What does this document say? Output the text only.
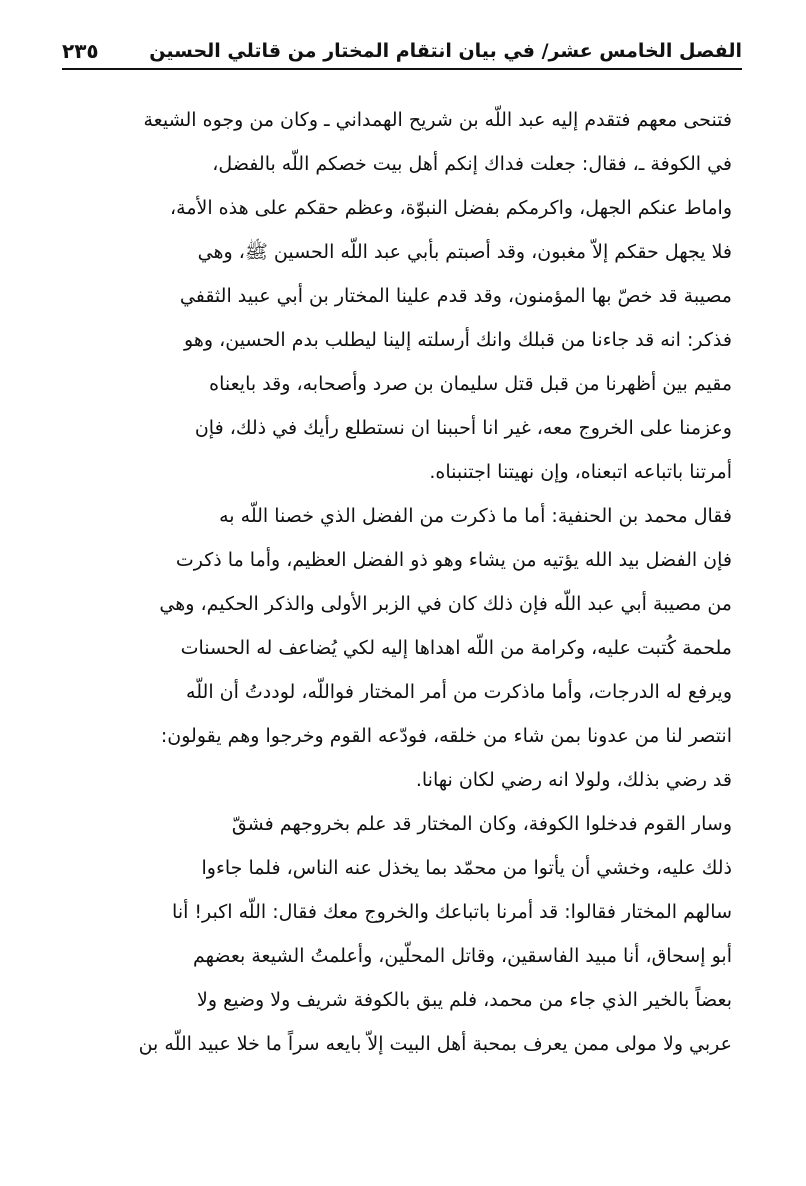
الفصل الخامس عشر/ في بيان انتقام المختار من قاتلي الحسين
٢٣٥

فتنحى معهم فتقدم إليه عبد اللّه بن شريح الهمداني ـ وكان من وجوه الشيعة
في الكوفة ـ، فقال: جعلت فداك إنكم أهل بيت خصكم اللّه بالفضل،
واماط عنكم الجهل، واكرمكم بفضل النبوّة، وعظم حقكم على هذه الأمة،
فلا يجهل حقكم إلاّ مغبون، وقد أصبتم بأبي عبد اللّه الحسين ﷺ، وهي
مصيبة قد خصّ بها المؤمنون، وقد قدم علينا المختار بن أبي عبيد الثقفي
فذكر: انه قد جاءنا من قبلك وانك أرسلته إلينا ليطلب بدم الحسين، وهو
مقيم بين أظهرنا من قبل قتل سليمان بن صرد وأصحابه، وقد بايعناه
وعزمنا على الخروج معه، غير انا أحببنا ان نستطلع رأيك في ذلك، فإن
أمرتنا باتباعه اتبعناه، وإن نهيتنا اجتنبناه.

فقال محمد بن الحنفية: أما ما ذكرت من الفضل الذي خصنا اللّه به
فإن الفضل بيد الله يؤتيه من يشاء وهو ذو الفضل العظيم، وأما ما ذكرت
من مصيبة أبي عبد اللّه فإن ذلك كان في الزبر الأولى والذكر الحكيم، وهي
ملحمة كُتبت عليه، وكرامة من اللّه اهداها إليه لكي يُضاعف له الحسنات
ويرفع له الدرجات، وأما ماذكرت من أمر المختار فواللّه، لوددتُ أن اللّه
انتصر لنا من عدونا بمن شاء من خلقه، فودّعه القوم وخرجوا وهم يقولون:
قد رضي بذلك، ولولا انه رضي لكان نهانا.

وسار القوم فدخلوا الكوفة، وكان المختار قد علم بخروجهم فشقّ
ذلك عليه، وخشي أن يأتوا من محمّد بما يخذل عنه الناس، فلما جاءوا
سالهم المختار فقالوا: قد أمرنا باتباعك والخروج معك فقال: اللّه اكبر! أنا
أبو إسحاق، أنا مبيد الفاسقين، وقاتل المحلّين، وأعلمتُ الشيعة بعضهم
بعضاً بالخير الذي جاء من محمد، فلم يبق بالكوفة شريف ولا وضيع ولا
عربي ولا مولى ممن يعرف بمحبة أهل البيت إلاّ بايعه سراً ما خلا عبيد اللّه بن
